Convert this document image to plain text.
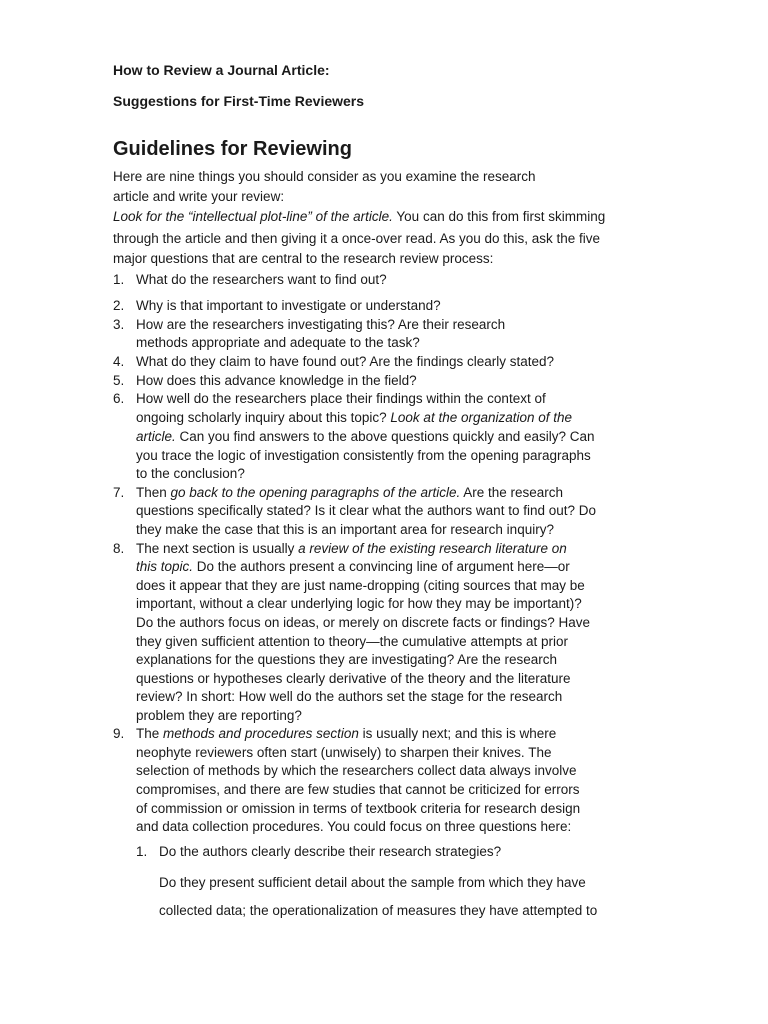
How to Review a Journal Article:
Suggestions for First-Time Reviewers
Guidelines for Reviewing
Here are nine things you should consider as you examine the research
article and write your review:
Look for the “intellectual plot-line” of the article. You can do this from first skimming
through the article and then giving it a once-over read. As you do this, ask the five
major questions that are central to the research review process:
1. What do the researchers want to find out?
2. Why is that important to investigate or understand?
3. How are the researchers investigating this? Are their research
methods appropriate and adequate to the task?
4. What do they claim to have found out? Are the findings clearly stated?
5. How does this advance knowledge in the field?
6. How well do the researchers place their findings within the context of
ongoing scholarly inquiry about this topic? Look at the organization of the
article. Can you find answers to the above questions quickly and easily? Can
you trace the logic of investigation consistently from the opening paragraphs
to the conclusion?
7. Then go back to the opening paragraphs of the article. Are the research
questions specifically stated? Is it clear what the authors want to find out? Do
they make the case that this is an important area for research inquiry?
8. The next section is usually a review of the existing research literature on
this topic. Do the authors present a convincing line of argument here—or
does it appear that they are just name-dropping (citing sources that may be
important, without a clear underlying logic for how they may be important)?
Do the authors focus on ideas, or merely on discrete facts or findings? Have
they given sufficient attention to theory—the cumulative attempts at prior
explanations for the questions they are investigating? Are the research
questions or hypotheses clearly derivative of the theory and the literature
review? In short: How well do the authors set the stage for the research
problem they are reporting?
9. The methods and procedures section is usually next; and this is where
neophyte reviewers often start (unwisely) to sharpen their knives. The
selection of methods by which the researchers collect data always involve
compromises, and there are few studies that cannot be criticized for errors
of commission or omission in terms of textbook criteria for research design
and data collection procedures. You could focus on three questions here:
1. Do the authors clearly describe their research strategies?
Do they present sufficient detail about the sample from which they have
collected data; the operationalization of measures they have attempted to
